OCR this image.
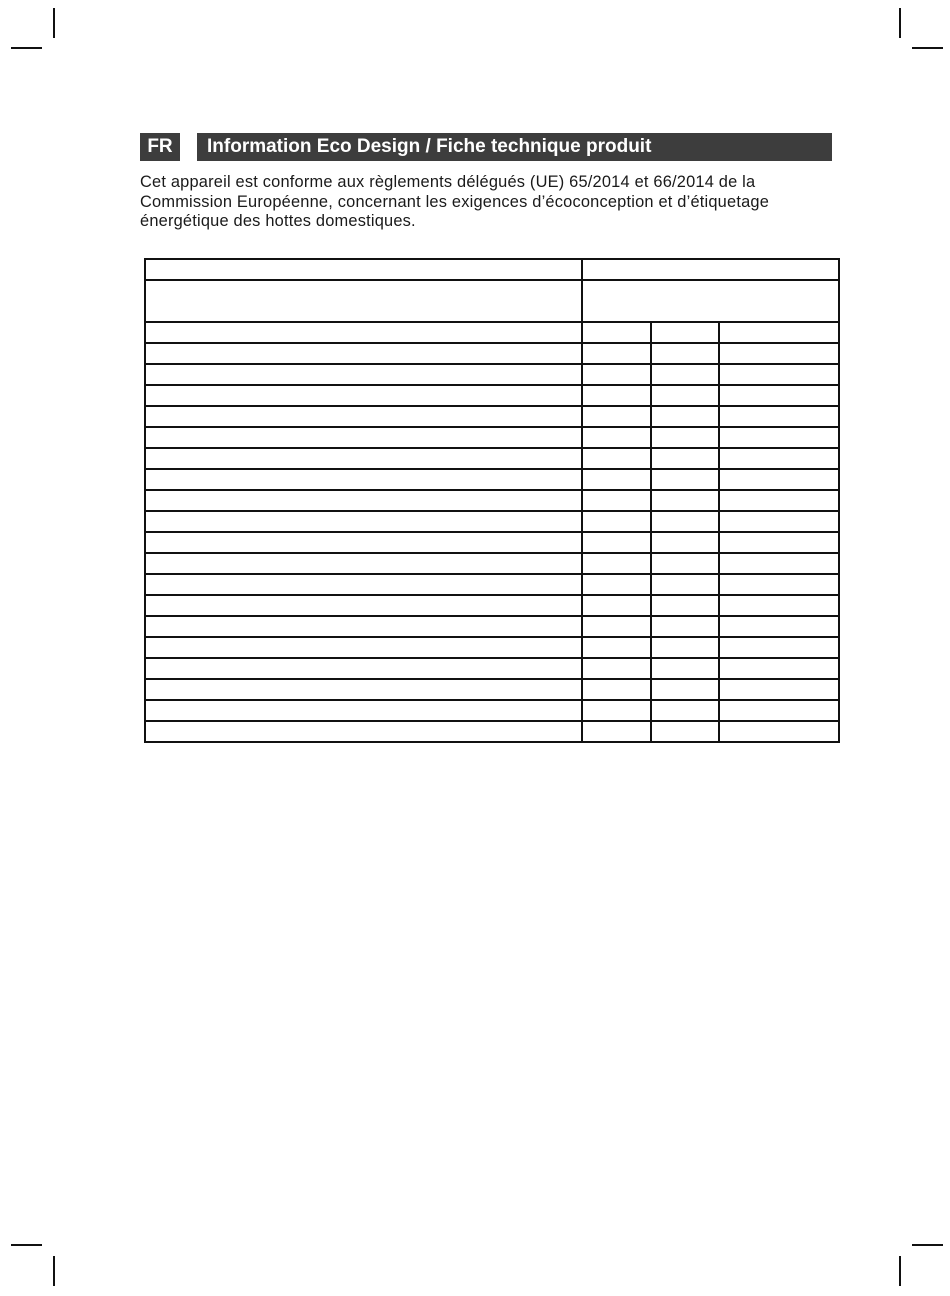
FR	Information Eco Design / Fiche technique produit

Cet appareil est conforme aux règlements délégués (UE) 65/2014 et 66/2014 de la
Commission Européenne, concernant les exigences d’écoconception et d’étiquetage
énergétique des hottes domestiques.
